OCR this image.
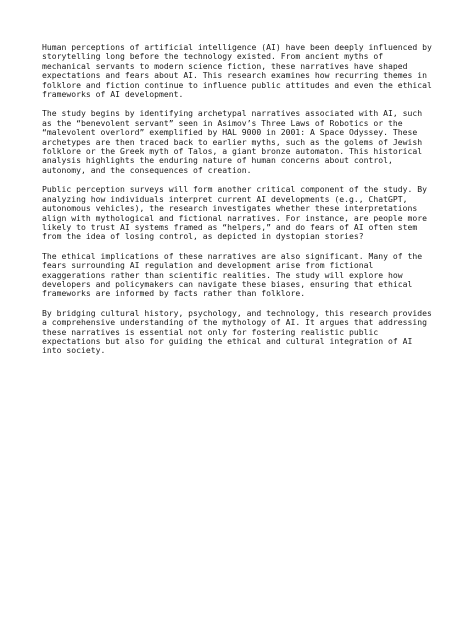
Human perceptions of artificial intelligence (AI) have been deeply influenced by storytelling long before the technology existed. From ancient myths of mechanical servants to modern science fiction, these narratives have shaped expectations and fears about AI. This research examines how recurring themes in folklore and fiction continue to influence public attitudes and even the ethical frameworks of AI development.

The study begins by identifying archetypal narratives associated with AI, such as the “benevolent servant” seen in Asimov’s Three Laws of Robotics or the “malevolent overlord” exemplified by HAL 9000 in 2001: A Space Odyssey. These archetypes are then traced back to earlier myths, such as the golems of Jewish folklore or the Greek myth of Talos, a giant bronze automaton. This historical analysis highlights the enduring nature of human concerns about control, autonomy, and the consequences of creation.

Public perception surveys will form another critical component of the study. By analyzing how individuals interpret current AI developments (e.g., ChatGPT, autonomous vehicles), the research investigates whether these interpretations align with mythological and fictional narratives. For instance, are people more likely to trust AI systems framed as “helpers,” and do fears of AI often stem from the idea of losing control, as depicted in dystopian stories?

The ethical implications of these narratives are also significant. Many of the fears surrounding AI regulation and development arise from fictional exaggerations rather than scientific realities. The study will explore how developers and policymakers can navigate these biases, ensuring that ethical frameworks are informed by facts rather than folklore.

By bridging cultural history, psychology, and technology, this research provides a comprehensive understanding of the mythology of AI. It argues that addressing these narratives is essential not only for fostering realistic public expectations but also for guiding the ethical and cultural integration of AI into society.
